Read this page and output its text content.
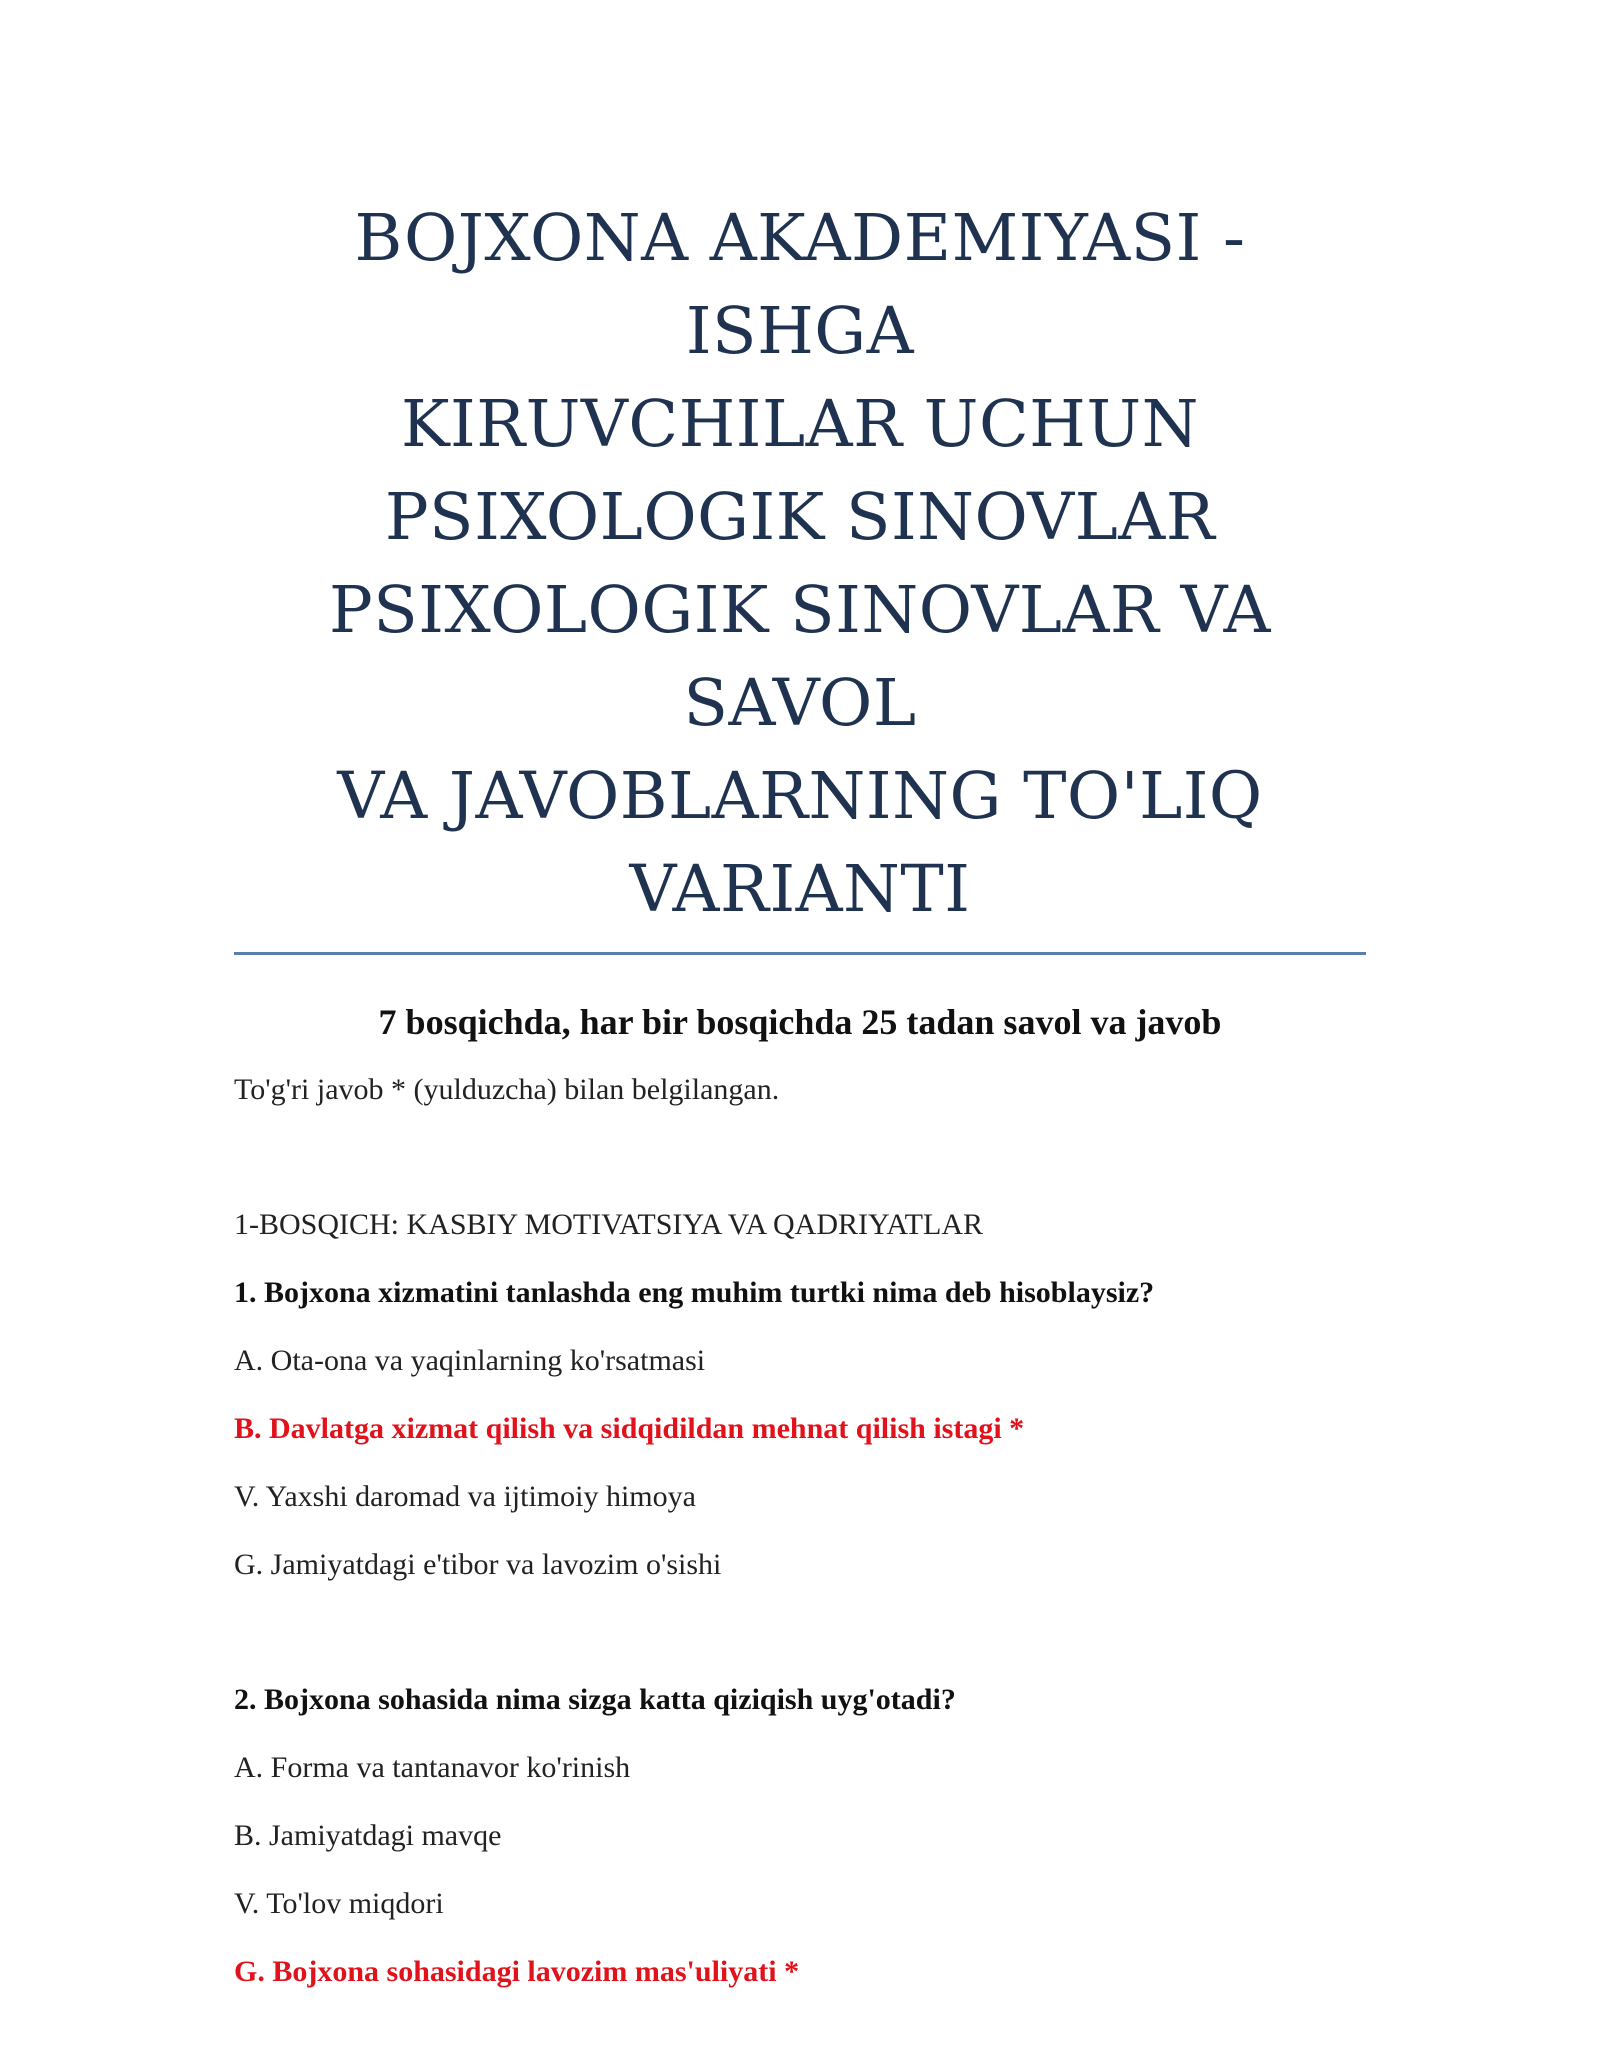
BOJXONA AKADEMIYASI - ISHGA
KIRUVCHILAR UCHUN
PSIXOLOGIK SINOVLAR
PSIXOLOGIK SINOVLAR VA SAVOL
VA JAVOBLARNING TO'LIQ
VARIANTI

7 bosqichda, har bir bosqichda 25 tadan savol va javob

To'g'ri javob * (yulduzcha) bilan belgilangan.

1-BOSQICH: KASBIY MOTIVATSIYA VA QADRIYATLAR

1. Bojxona xizmatini tanlashda eng muhim turtki nima deb hisoblaysiz?

A. Ota-ona va yaqinlarning ko'rsatmasi

B. Davlatga xizmat qilish va sidqidildan mehnat qilish istagi *

V. Yaxshi daromad va ijtimoiy himoya

G. Jamiyatdagi e'tibor va lavozim o'sishi

2. Bojxona sohasida nima sizga katta qiziqish uyg'otadi?

A. Forma va tantanavor ko'rinish

B. Jamiyatdagi mavqe

V. To'lov miqdori

G. Bojxona sohasidagi lavozim mas'uliyati *
